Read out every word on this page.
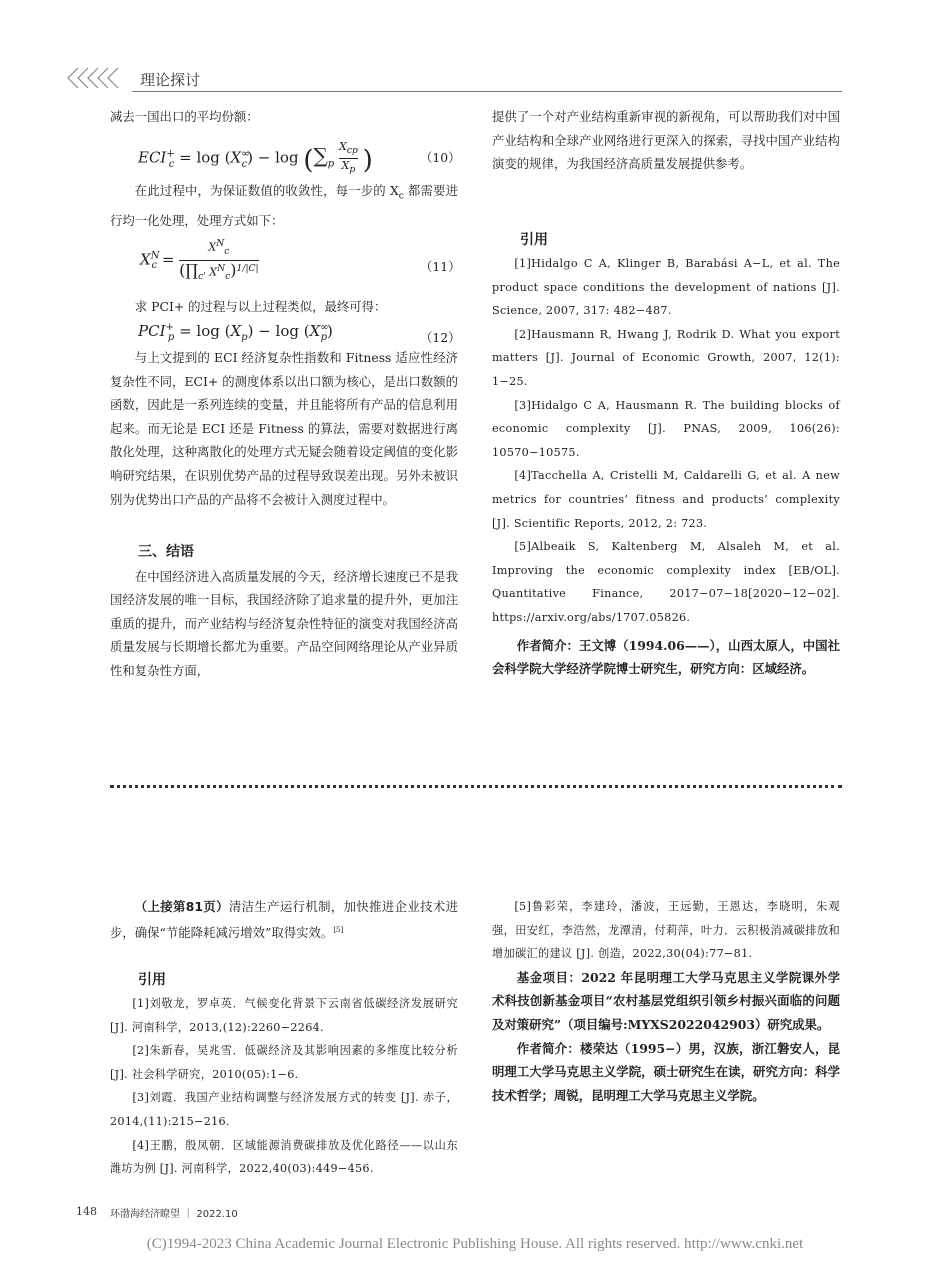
理论探讨

减去一国出口的平均份额：

$ECI^+_c = \log (X^\infty_c) - \log (\sum_p$
$X_{cp}$
$X_p$ )	（10）

在此过程中，为保证数值的收敛性，每一步的 $X_c$ 都需要进行均一化处理，处理方式如下：

$X^N_c$ =
$X^N_c$
($\prod_{c'}$ $X^N_c)^{1/|C|}$	（11）

求 PCI+ 的过程与以上过程类似，最终可得：

$PCI^+_p = \log (X_p) - \log (X^\infty_p)$	（12）

与上文提到的 ECI 经济复杂性指数和 Fitness 适应性经济复杂性不同，ECI+ 的测度体系以出口额为核心，是出口数额的函数，因此是一系列连续的变量，并且能将所有产品的信息利用起来。而无论是 ECI 还是 Fitness 的算法，需要对数据进行离散化处理，这种离散化的处理方式无疑会随着设定阈值的变化影响研究结果，在识别优势产品的过程导致误差出现。另外未被识别为优势出口产品的产品将不会被计入测度过程中。

三、结语

在中国经济进入高质量发展的今天，经济增长速度已不是我国经济发展的唯一目标，我国经济除了追求量的提升外，更加注重质的提升，而产业结构与经济复杂性特征的演变对我国经济高质量发展与长期增长都尤为重要。产品空间网络理论从产业异质性和复杂性方面，

提供了一个对产业结构重新审视的新视角，可以帮助我们对中国产业结构和全球产业网络进行更深入的探索，寻找中国产业结构演变的规律，为我国经济高质量发展提供参考。

引用

[1]Hidalgo C A, Klinger B, Barabási A−L, et al. The product space conditions the development of nations [J]. Science, 2007, 317: 482−487.

[2]Hausmann R, Hwang J, Rodrik D. What you export matters [J]. Journal of Economic Growth, 2007, 12(1): 1−25.

[3]Hidalgo C A, Hausmann R. The building blocks of economic complexity [J]. PNAS, 2009, 106(26): 10570−10575.

[4]Tacchella A, Cristelli M, Caldarelli G, et al. A new metrics for countries’ fitness and products’ complexity [J]. Scientific Reports, 2012, 2: 723.

[5]Albeaik S, Kaltenberg M, Alsaleh M, et al. Improving the economic complexity index [EB/OL]. Quantitative Finance, 2017−07−18[2020−12−02]. https://arxiv.org/abs/1707.05826.

作者简介：王文博（1994.06——），山西太原人，中国社会科学院大学经济学院博士研究生，研究方向：区域经济。

（上接第81页）清洁生产运行机制，加快推进企业技术进步，确保“节能降耗减污增效”取得实效。[5]

引用

[1]刘敬龙，罗卓英．气候变化背景下云南省低碳经济发展研究 [J]. 河南科学，2013,(12):2260−2264.

[2]朱新春，吴兆雪．低碳经济及其影响因素的多维度比较分析 [J]. 社会科学研究，2010(05):1−6.

[3]刘霞．我国产业结构调整与经济发展方式的转变 [J]. 赤子，2014,(11):215−216.

[4]王鹏，殷凤朝．区域能源消费碳排放及优化路径——以山东潍坊为例 [J]. 河南科学，2022,40(03):449−456.

[5]鲁彩荣，李建玲，潘波，王远勤，王恩达，李晓明，朱观强，田安红，李浩然，龙潭清，付莉萍，叶力．云积极消减碳排放和增加碳汇的建议 [J]. 创造，2022,30(04):77−81.

基金项目：2022 年昆明理工大学马克思主义学院课外学术科技创新基金项目“农村基层党组织引领乡村振兴面临的问题及对策研究”（项目编号:MYXS2022042903）研究成果。

作者简介：楼荣达（1995−）男，汉族，浙江磐安人，昆明理工大学马克思主义学院，硕士研究生在读，研究方向：科学技术哲学；周锐，昆明理工大学马克思主义学院。

148 环渤海经济瞭望 ｜ 2022.10
(C)1994-2023 China Academic Journal Electronic Publishing House. All rights reserved. http://www.cnki.net
